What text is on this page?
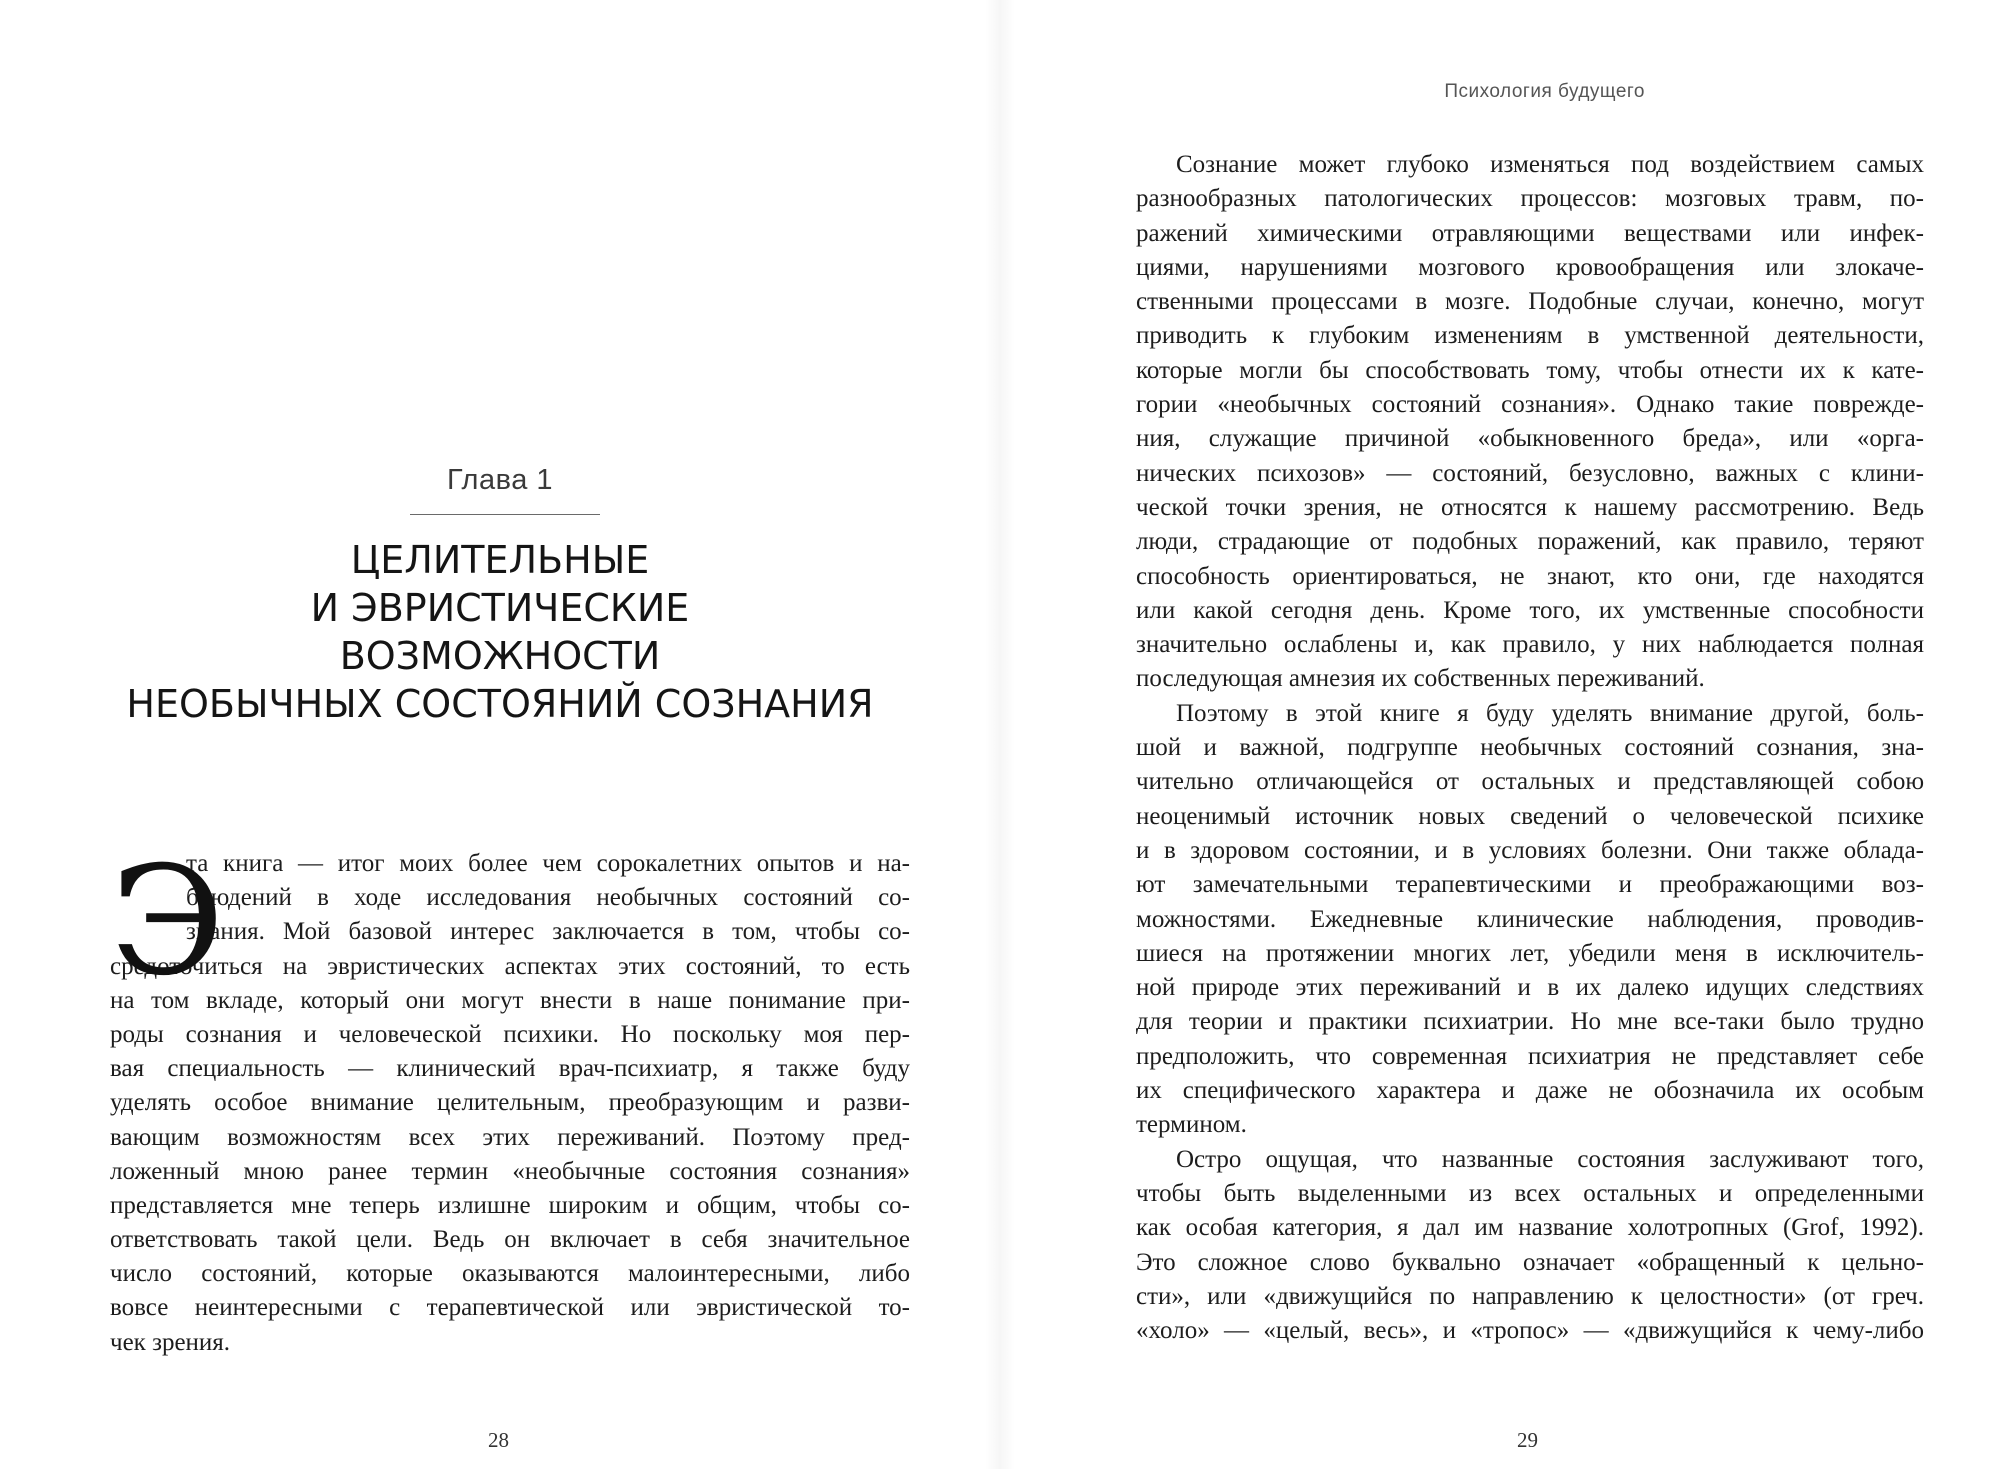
Глава 1
ЦЕЛИТЕЛЬНЫЕ
И ЭВРИСТИЧЕСКИЕ
ВОЗМОЖНОСТИ
НЕОБЫЧНЫХ СОСТОЯНИЙ СОЗНАНИЯ
Э
та книга — итог моих более чем сорокалетних опытов и на-
блюдений в ходе исследования необычных состояний со-
знания. Мой базовой интерес заключается в том, чтобы со-
средоточиться на эвристических аспектах этих состояний, то есть
на том вкладе, который они могут внести в наше понимание при-
роды сознания и человеческой психики. Но поскольку моя пер-
вая специальность — клинический врач-психиатр, я также буду
уделять особое внимание целительным, преобразующим и разви-
вающим возможностям всех этих переживаний. Поэтому пред-
ложенный мною ранее термин «необычные состояния сознания»
представляется мне теперь излишне широким и общим, чтобы со-
ответствовать такой цели. Ведь он включает в себя значительное
число состояний, которые оказываются малоинтересными, либо
вовсе неинтересными с терапевтической или эвристической то-
чек зрения.
28
Психология будущего
Сознание может глубоко изменяться под воздействием самых
разнообразных патологических процессов: мозговых травм, по-
ражений химическими отравляющими веществами или инфек-
циями, нарушениями мозгового кровообращения или злокаче-
ственными процессами в мозге. Подобные случаи, конечно, могут
приводить к глубоким изменениям в умственной деятельности,
которые могли бы способствовать тому, чтобы отнести их к кате-
гории «необычных состояний сознания». Однако такие поврежде-
ния, служащие причиной «обыкновенного бреда», или «орга-
нических психозов» — состояний, безусловно, важных с клини-
ческой точки зрения, не относятся к нашему рассмотрению. Ведь
люди, страдающие от подобных поражений, как правило, теряют
способность ориентироваться, не знают, кто они, где находятся
или какой сегодня день. Кроме того, их умственные способности
значительно ослаблены и, как правило, у них наблюдается полная
последующая амнезия их собственных переживаний.
Поэтому в этой книге я буду уделять внимание другой, боль-
шой и важной, подгруппе необычных состояний сознания, зна-
чительно отличающейся от остальных и представляющей собою
неоценимый источник новых сведений о человеческой психике
и в здоровом состоянии, и в условиях болезни. Они также облада-
ют замечательными терапевтическими и преображающими воз-
можностями. Ежедневные клинические наблюдения, проводив-
шиеся на протяжении многих лет, убедили меня в исключитель-
ной природе этих переживаний и в их далеко идущих следствиях
для теории и практики психиатрии. Но мне все-таки было трудно
предположить, что современная психиатрия не представляет себе
их специфического характера и даже не обозначила их особым
термином.
Остро ощущая, что названные состояния заслуживают того,
чтобы быть выделенными из всех остальных и определенными
как особая категория, я дал им название холотропных (Grof, 1992).
Это сложное слово буквально означает «обращенный к цельно-
сти», или «движущийся по направлению к целостности» (от греч.
«холо» — «целый, весь», и «тропос» — «движущийся к чему-либо
29
